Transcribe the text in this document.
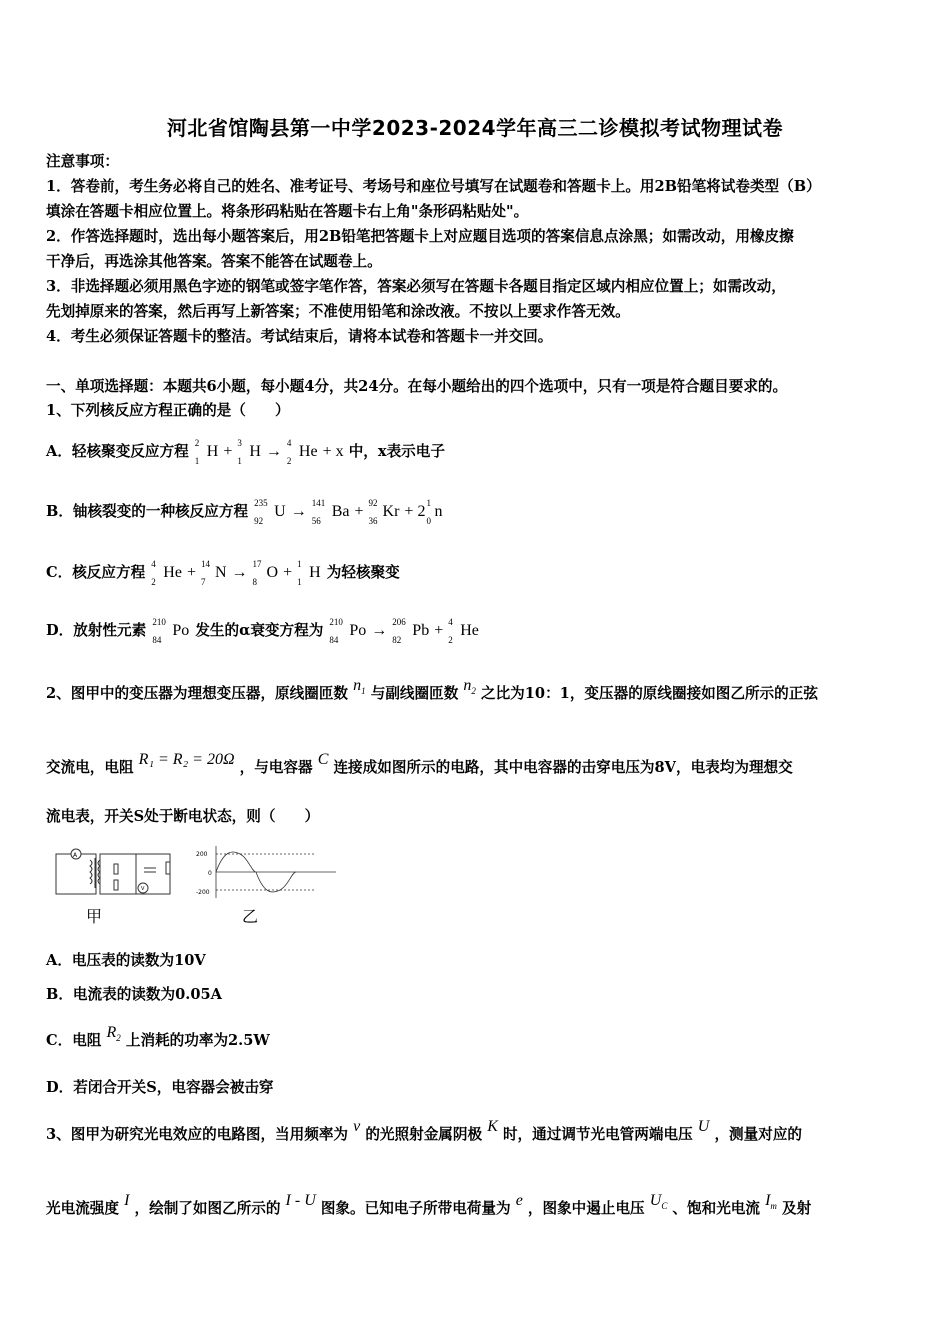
河北省馆陶县第一中学2023-2024学年高三二诊模拟考试物理试卷
注意事项：
1．答卷前，考生务必将自己的姓名、准考证号、考场号和座位号填写在试题卷和答题卡上。用2B铅笔将试卷类型（B）
填涂在答题卡相应位置上。将条形码粘贴在答题卡右上角"条形码粘贴处"。
2．作答选择题时，选出每小题答案后，用2B铅笔把答题卡上对应题目选项的答案信息点涂黑；如需改动，用橡皮擦
干净后，再选涂其他答案。答案不能答在试题卷上。
3．非选择题必须用黑色字迹的钢笔或签字笔作答，答案必须写在答题卡各题目指定区域内相应位置上；如需改动，
先划掉原来的答案，然后再写上新答案；不准使用铅笔和涂改液。不按以上要求作答无效。
4．考生必须保证答题卡的整洁。考试结束后，请将本试卷和答题卡一并交回。
一、单项选择题：本题共6小题，每小题4分，共24分。在每小题给出的四个选项中，只有一项是符合题目要求的。
1、下列核反应方程正确的是（　　）
A．轻核聚变反应方程 2
1
H + 3
1
H → 4
2
He + x 中，x表示电子
B．铀核裂变的一种核反应方程 235
92
U → 141
56
Ba + 92
36
Kr + 2 1
0
n
C．核反应方程 4
2
He + 14
7
N → 17
8
O + 1
1
H 为轻核聚变
D．放射性元素 210
84
Po 发生的α衰变方程为 210
84
Po → 206
82
Pb + 4
2
He
2、图甲中的变压器为理想变压器，原线圈匝数 $n_1$ 与副线圈匝数 $n_2$ 之比为10：1，变压器的原线圈接如图乙所示的正弦
交流电，电阻 R₁ = R₂ = 20Ω ，与电容器 C 连接成如图所示的电路，其中电容器的击穿电压为8V，电表均为理想交
流电表，开关S处于断电状态，则（　　）
A
V
甲
200
0
-200
乙
A．电压表的读数为10V
B．电流表的读数为0.05A
C．电阻 $R_2$ 上消耗的功率为2.5W
D．若闭合开关S，电容器会被击穿
3、图甲为研究光电效应的电路图，当用频率为 ν 的光照射金属阴极 K 时，通过调节光电管两端电压 U ，测量对应的
光电流强度 I ，绘制了如图乙所示的 I - U 图象。已知电子所带电荷量为 e ，图象中遏止电压 $U_C$ 、饱和光电流 $I_m$ 及射
